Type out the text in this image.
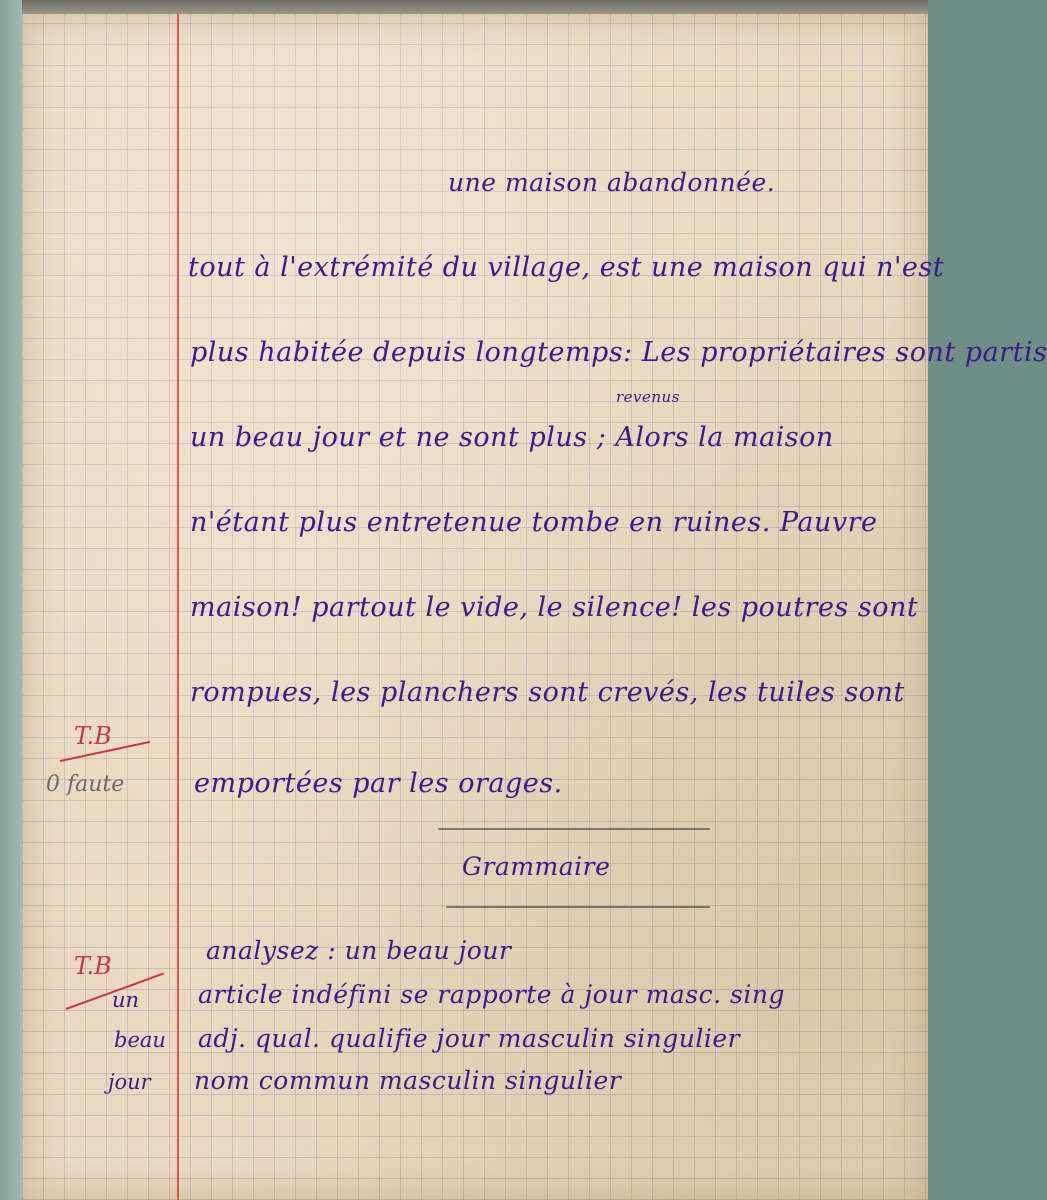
une maison abandonnée.
tout à l'extrémité du village, est une maison qui n'est
plus habitée depuis longtemps: Les propriétaires sont partis
revenus
un beau jour et ne sont plus ; Alors la maison
n'étant plus entretenue tombe en ruines. Pauvre
maison! partout le vide, le silence! les poutres sont
rompues, les planchers sont crevés, les tuiles sont
emportées par les orages.
T.B
0 faute
Grammaire
analysez : un beau jour
article indéfini se rapporte à jour masc. sing
adj. qual. qualifie jour masculin singulier
nom commun masculin singulier
T.B
un
beau
jour
